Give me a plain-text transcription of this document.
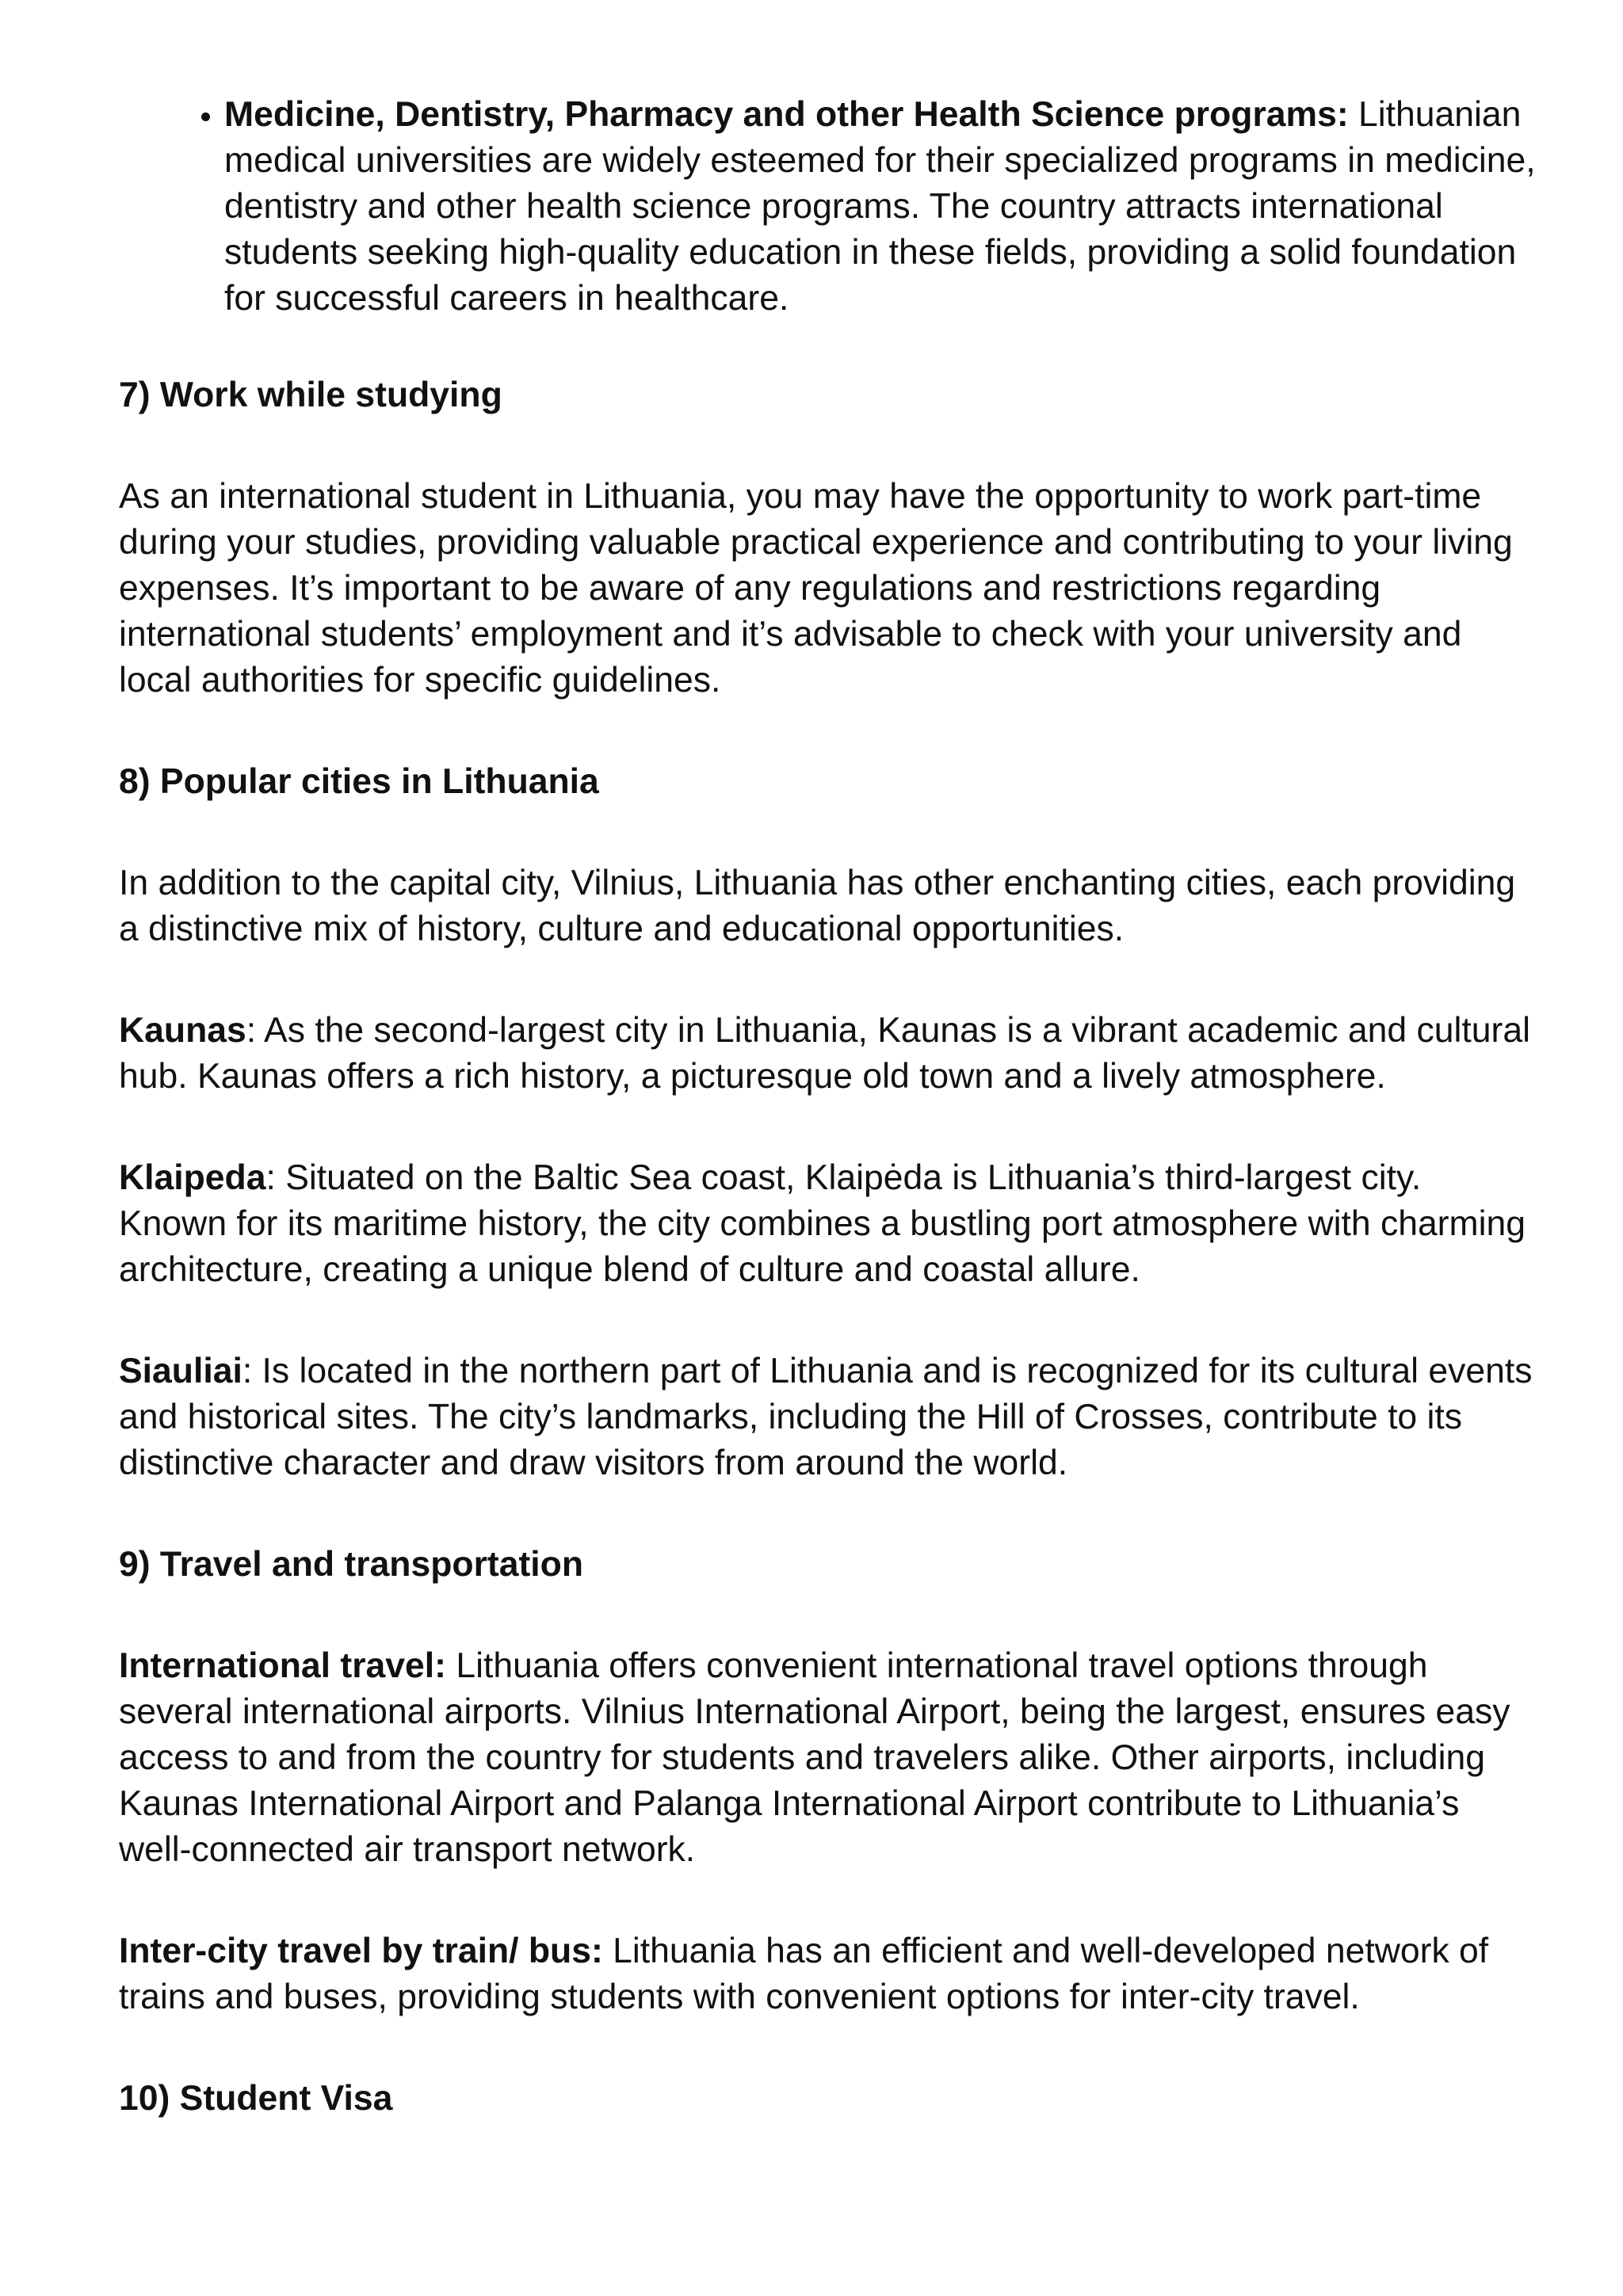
• Medicine, Dentistry, Pharmacy and other Health Science programs: Lithuanian medical universities are widely esteemed for their specialized programs in medicine, dentistry and other health science programs. The country attracts international students seeking high-quality education in these fields, providing a solid foundation for successful careers in healthcare.
7) Work while studying

As an international student in Lithuania, you may have the opportunity to work part-time during your studies, providing valuable practical experience and contributing to your living expenses. It’s important to be aware of any regulations and restrictions regarding international students’ employment and it’s advisable to check with your university and local authorities for specific guidelines.

8) Popular cities in Lithuania

In addition to the capital city, Vilnius, Lithuania has other enchanting cities, each providing a distinctive mix of history, culture and educational opportunities.

Kaunas: As the second-largest city in Lithuania, Kaunas is a vibrant academic and cultural hub. Kaunas offers a rich history, a picturesque old town and a lively atmosphere.

Klaipeda: Situated on the Baltic Sea coast, Klaipėda is Lithuania’s third-largest city. Known for its maritime history, the city combines a bustling port atmosphere with charming architecture, creating a unique blend of culture and coastal allure.

Siauliai: Is located in the northern part of Lithuania and is recognized for its cultural events and historical sites. The city’s landmarks, including the Hill of Crosses, contribute to its distinctive character and draw visitors from around the world.

9) Travel and transportation

International travel: Lithuania offers convenient international travel options through several international airports. Vilnius International Airport, being the largest, ensures easy access to and from the country for students and travelers alike. Other airports, including Kaunas International Airport and Palanga International Airport contribute to Lithuania’s well-connected air transport network.

Inter-city travel by train/ bus: Lithuania has an efficient and well-developed network of trains and buses, providing students with convenient options for inter-city travel.

10) Student Visa
